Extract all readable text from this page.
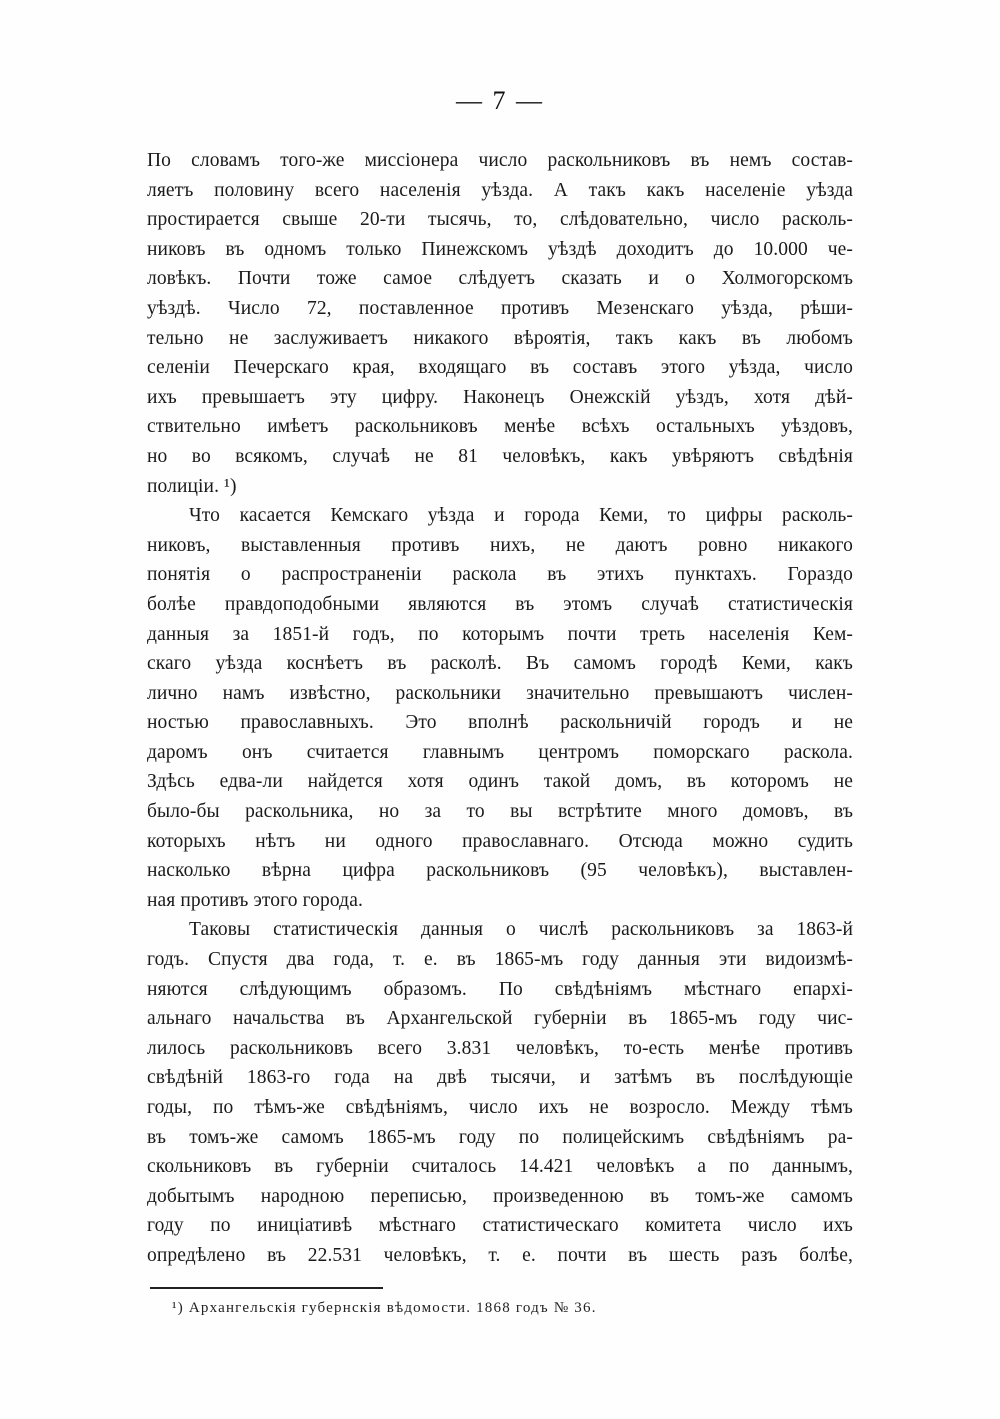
— 7 —
По словамъ того-же миссіонера число раскольниковъ въ немъ состав-
ляетъ половину всего населенія уѣзда. А такъ какъ населеніе уѣзда
простирается свыше 20-ти тысячь, то, слѣдовательно, число расколь-
никовъ въ одномъ только Пинежскомъ уѣздѣ доходитъ до 10.000 че-
ловѣкъ. Почти тоже самое слѣдуетъ сказать и о Холмогорскомъ
уѣздѣ. Число 72, поставленное противъ Мезенскаго уѣзда, рѣши-
тельно не заслуживаетъ никакого вѣроятія, такъ какъ въ любомъ
селеніи Печерскаго края, входящаго въ составъ этого уѣзда, число
ихъ превышаетъ эту цифру. Наконецъ Онежскій уѣздъ, хотя дѣй-
ствительно имѣетъ раскольниковъ менѣе всѣхъ остальныхъ уѣздовъ,
но во всякомъ, случаѣ не 81 человѣкъ, какъ увѣряютъ свѣдѣнія
полиціи. ¹)
Что касается Кемскаго уѣзда и города Кеми, то цифры расколь-
никовъ, выставленныя противъ нихъ, не даютъ ровно никакого
понятія о распространеніи раскола въ этихъ пунктахъ. Гораздо
болѣе правдоподобными являются въ этомъ случаѣ статистическія
данныя за 1851-й годъ, по которымъ почти треть населенія Кем-
скаго уѣзда коснѣетъ въ расколѣ. Въ самомъ городѣ Кеми, какъ
лично намъ извѣстно, раскольники значительно превышаютъ числен-
ностью православныхъ. Это вполнѣ раскольничій городъ и не
даромъ онъ считается главнымъ центромъ поморскаго раскола.
Здѣсь едва-ли найдется хотя одинъ такой домъ, въ которомъ не
было-бы раскольника, но за то вы встрѣтите много домовъ, въ
которыхъ нѣтъ ни одного православнаго. Отсюда можно судить
насколько вѣрна цифра раскольниковъ (95 человѣкъ), выставлен-
ная противъ этого города.
Таковы статистическія данныя о числѣ раскольниковъ за 1863-й
годъ. Спустя два года, т. е. въ 1865-мъ году данныя эти видоизмѣ-
няются слѣдующимъ образомъ. По свѣдѣніямъ мѣстнаго епархі-
альнаго начальства въ Архангельской губерніи въ 1865-мъ году чис-
лилось раскольниковъ всего 3.831 человѣкъ, то-есть менѣе противъ
свѣдѣній 1863-го года на двѣ тысячи, и затѣмъ въ послѣдующіе
годы, по тѣмъ-же свѣдѣніямъ, число ихъ не возросло. Между тѣмъ
въ томъ-же самомъ 1865-мъ году по полицейскимъ свѣдѣніямъ ра-
скольниковъ въ губерніи считалось 14.421 человѣкъ а по даннымъ,
добытымъ народною переписью, произведенною въ томъ-же самомъ
году по иниціативѣ мѣстнаго статистическаго комитета число ихъ
опредѣлено въ 22.531 человѣкъ, т. е. почти въ шесть разъ болѣе,
¹) Архангельскія губернскія вѣдомости. 1868 годъ № 36.
